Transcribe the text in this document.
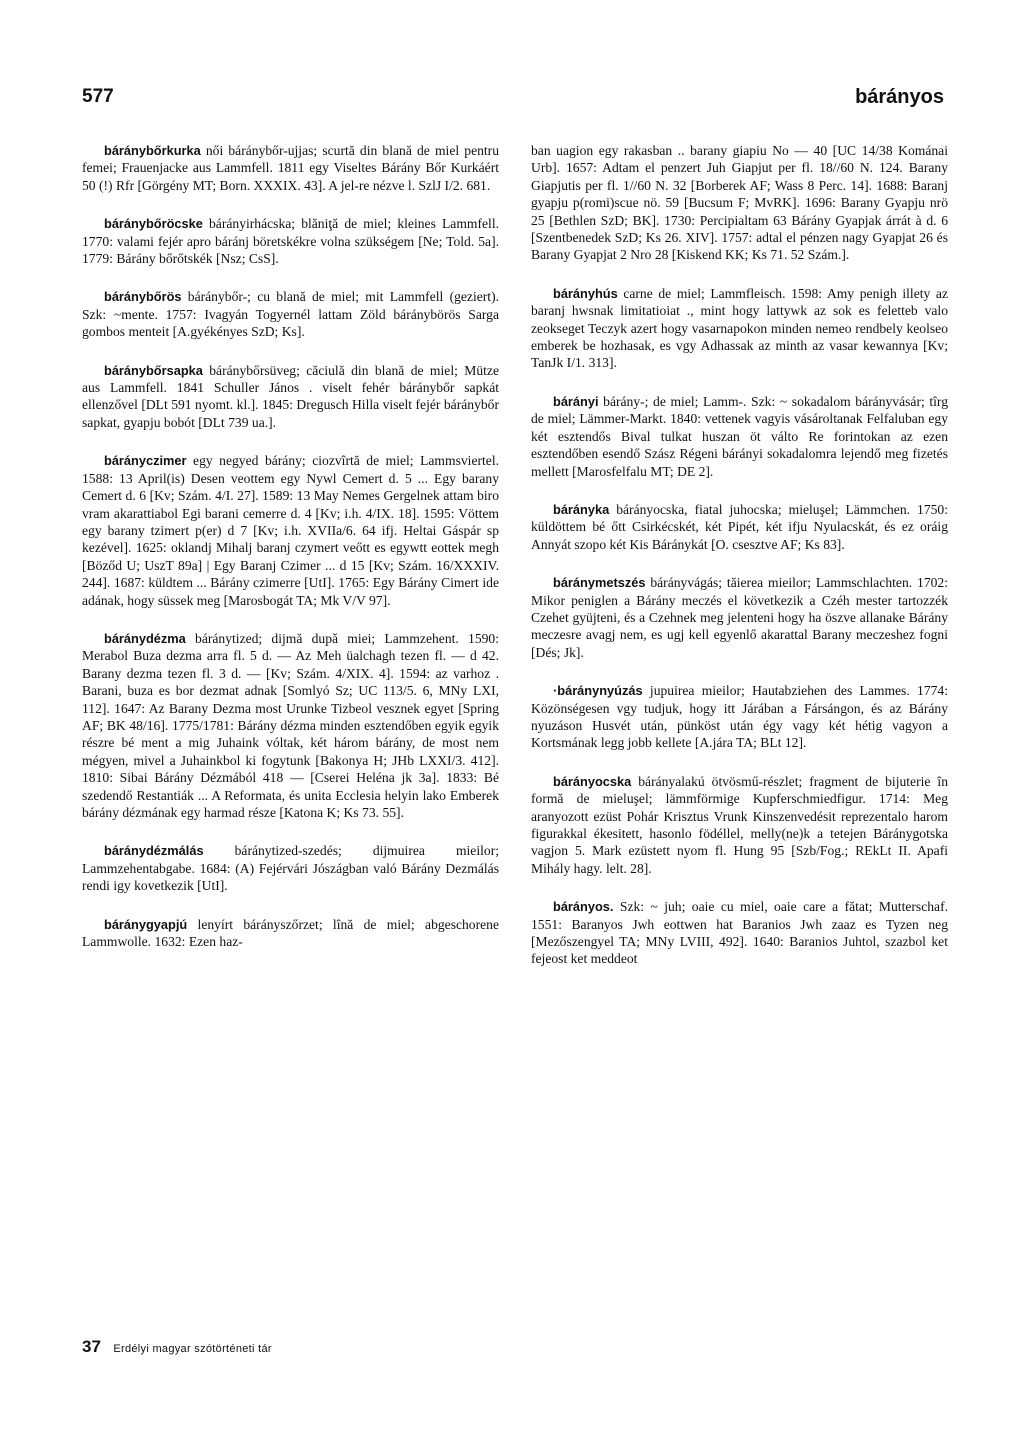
577	bárányos

báránybőrkurka női báránybőr-ujjas; scurtă din blană de miel pentru femei; Frauenjacke aus Lammfell. 1811 egy Viseltes Bárány Bőr Kurkáért 50 (!) Rfr [Görgény MT; Born. XXXIX. 43]. A jel-re nézve l. SzlJ I/2. 681.

báránybőröcske bárányirhácska; blăniţă de miel; kleines Lammfell. 1770: valami fejér apro báránj böretskékre volna szükségem [Ne; Told. 5a]. 1779: Bárány bőrőtskék [Nsz; CsS].

báránybőrös báránybőr-; cu blană de miel; mit Lammfell (geziert). Szk: ~mente. 1757: Ivagyán Togyernél lattam Zöld báránybörös Sarga gombos menteit [A.gyékényes SzD; Ks].

báránybőrsapka báránybőrsüveg; căciulă din blană de miel; Mütze aus Lammfell. 1841 Schuller János . viselt fehér báránybőr sapkát ellenzővel [DLt 591 nyomt. kl.]. 1845: Dregusch Hilla viselt fejér báránybőr sapkat, gyapju bobót [DLt 739 ua.].

bárányczimer egy negyed bárány; ciozvîrtă de miel; Lammsviertel. 1588: 13 April(is) Desen veottem egy Nywl Cemert d. 5 ... Egy barany Cemert d. 6 [Kv; Szám. 4/I. 27]. 1589: 13 May Nemes Gergelnek attam biro vram akarattiabol Egi barani cemerre d. 4 [Kv; i.h. 4/IX. 18]. 1595: Vöttem egy barany tzimert p(er) d 7 [Kv; i.h. XVIIa/6. 64 ifj. Heltai Gáspár sp kezével]. 1625: oklandj Mihalj baranj czymert veőtt es egywtt eottek megh [Böződ U; UszT 89a] | Egy Baranj Czimer ... d 15 [Kv; Szám. 16/XXXIV. 244]. 1687: küldtem ... Bárány czimerre [UtI]. 1765: Egy Bárány Cimert ide adának, hogy süssek meg [Marosbogát TA; Mk V/V 97].

báránydézma báránytized; dijmă dupǎ miei; Lammzehent. 1590: Merabol Buza dezma arra fl. 5 d. — Az Meh üalchagh tezen fl. — d 42. Barany dezma tezen fl. 3 d. — [Kv; Szám. 4/XIX. 4]. 1594: az varhoz . Barani, buza es bor dezmat adnak [Somlyó Sz; UC 113/5. 6, MNy LXI, 112]. 1647: Az Barany Dezma most Urunke Tizbeol vesznek egyet [Spring AF; BK 48/16]. 1775/1781: Bárány dézma minden esztendőben egyik egyik részre bé ment a mig Juhaink vóltak, két három bárány, de most nem mégyen, mivel a Juhainkbol ki fogytunk [Bakonya H; JHb LXXI/3. 412]. 1810: Sibai Bárány Dézmából 418 — [Cserei Heléna jk 3a]. 1833: Bé szedendő Restantiák ... A Reformata, és unita Ecclesia helyin lako Emberek bárány dézmának egy harmad része [Katona K; Ks 73. 55].

báránydézmálás báránytized-szedés; dijmuirea mieilor; Lammzehentabgabe. 1684: (A) Fejérvári Jószágban való Bárány Dezmálás rendi igy kovetkezik [UtI].

báránygyapjú lenyírt bárányszőrzet; lînă de miel; abgeschorene Lammwolle. 1632: Ezen haz-

ban uagion egy rakasban .. barany giapiu No — 40 [UC 14/38 Kománai Urb]. 1657: Adtam el penzert Juh Giapjut per fl. 18//60 N. 124. Barany Giapjutis per fl. 1//60 N. 32 [Borberek AF; Wass 8 Perc. 14]. 1688: Baranj gyapju p(romi)scue nö. 59 [Bucsum F; MvRK]. 1696: Barany Gyapju nrö 25 [Bethlen SzD; BK]. 1730: Percipialtam 63 Bárány Gyapjak árrát à d. 6 [Szentbenedek SzD; Ks 26. XIV]. 1757: adtal el pénzen nagy Gyapjat 26 és Barany Gyapjat 2 Nro 28 [Kiskend KK; Ks 71. 52 Szám.].

bárányhús carne de miel; Lammfleisch. 1598: Amy penigh illety az baranj hwsnak limitatioiat ., mint hogy lattywk az sok es feletteb valo zeokseget Teczyk azert hogy vasarnapokon minden nemeo rendbely keolseo emberek be hozhasak, es vgy Adhassak az minth az vasar kewannya [Kv; TanJk I/1. 313].

bárányi bárány-; de miel; Lamm-. Szk: ~ sokadalom bárányvásár; tîrg de miel; Lämmer-Markt. 1840: vettenek vagyis vásároltanak Felfaluban egy két esztendős Bival tulkat huszan öt válto Re forintokan az ezen esztendőben esendő Szász Régeni bárányi sokadalomra lejendő meg fizetés mellett [Marosfelfalu MT; DE 2].

bárányka bárányocska, fiatal juhocska; mieluşel; Lämmchen. 1750: küldöttem bé őtt Csirkécskét, két Pipét, két ifju Nyulacskát, és ez oráig Annyát szopo két Kis Báránykát [O. csesztve AF; Ks 83].

báránymetszés bárányvágás; tăierea mieilor; Lammschlachten. 1702: Mikor peniglen a Bárány meczés el következik a Czéh mester tartozzék Czehet gyüjteni, és a Czehnek meg jelenteni hogy ha öszve allanake Bárány meczesre avagj nem, es ugj kell egyenlő akarattal Barany meczeshez fogni [Dés; Jk].

·báránynyúzás jupuirea mieilor; Hautabziehen des Lammes. 1774: Közönségesen vgy tudjuk, hogy itt Járában a Fársángon, és az Bárány nyuzáson Husvét után, pünköst után égy vagy két hétig vagyon a Kortsmának legg jobb kellete [A.jára TA; BLt 12].

bárányocska bárányalakú ötvösmű-részlet; fragment de bijuterie în formă de mieluşel; lämmförmige Kupferschmiedfigur. 1714: Meg aranyozott ezüst Pohár Krisztus Vrunk Kinszenvedésit reprezentalo harom figurakkal ékesitett, hasonlo födéllel, melly(ne)k a tetejen Báránygotska vagjon 5. Mark ezüstett nyom fl. Hung 95 [Szb/Fog.; REkLt II. Apafi Mihály hagy. lelt. 28].

bárányos. Szk: ~ juh; oaie cu miel, oaie care a fătat; Mutterschaf. 1551: Baranyos Jwh eottwen hat Baranios Jwh zaaz es Tyzen neg [Mezőszengyel TA; MNy LVIII, 492]. 1640: Baranios Juhtol, szazbol ket fejeost ket meddeot

37 Erdélyi magyar szótörténeti tár
